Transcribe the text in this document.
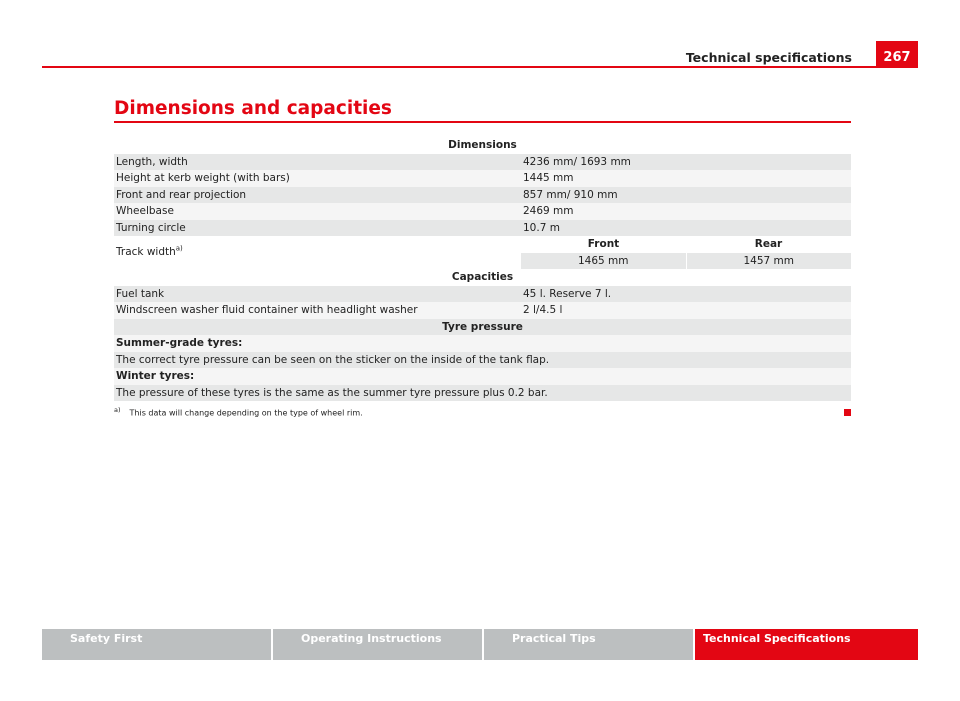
Technical specifications	267
Dimensions and capacities
Dimensions
Length, width	4236 mm/ 1693 mm
Height at kerb weight (with bars)	1445 mm
Front and rear projection	857 mm/ 910 mm
Wheelbase	2469 mm
Turning circle	10.7 m
Track width$^{a)}$	Front	Rear
1465 mm	1457 mm
Capacities
Fuel tank	45 l. Reserve 7 l.
Windscreen washer fluid container with headlight washer	2 l/4.5 l
Tyre pressure
Summer-grade tyres:
The correct tyre pressure can be seen on the sticker on the inside of the tank flap.
Winter tyres:
The pressure of these tyres is the same as the summer tyre pressure plus 0.2 bar.
$^{a)}$ This data will change depending on the type of wheel rim.
Safety First	Operating Instructions	Practical Tips	Technical Specifications
